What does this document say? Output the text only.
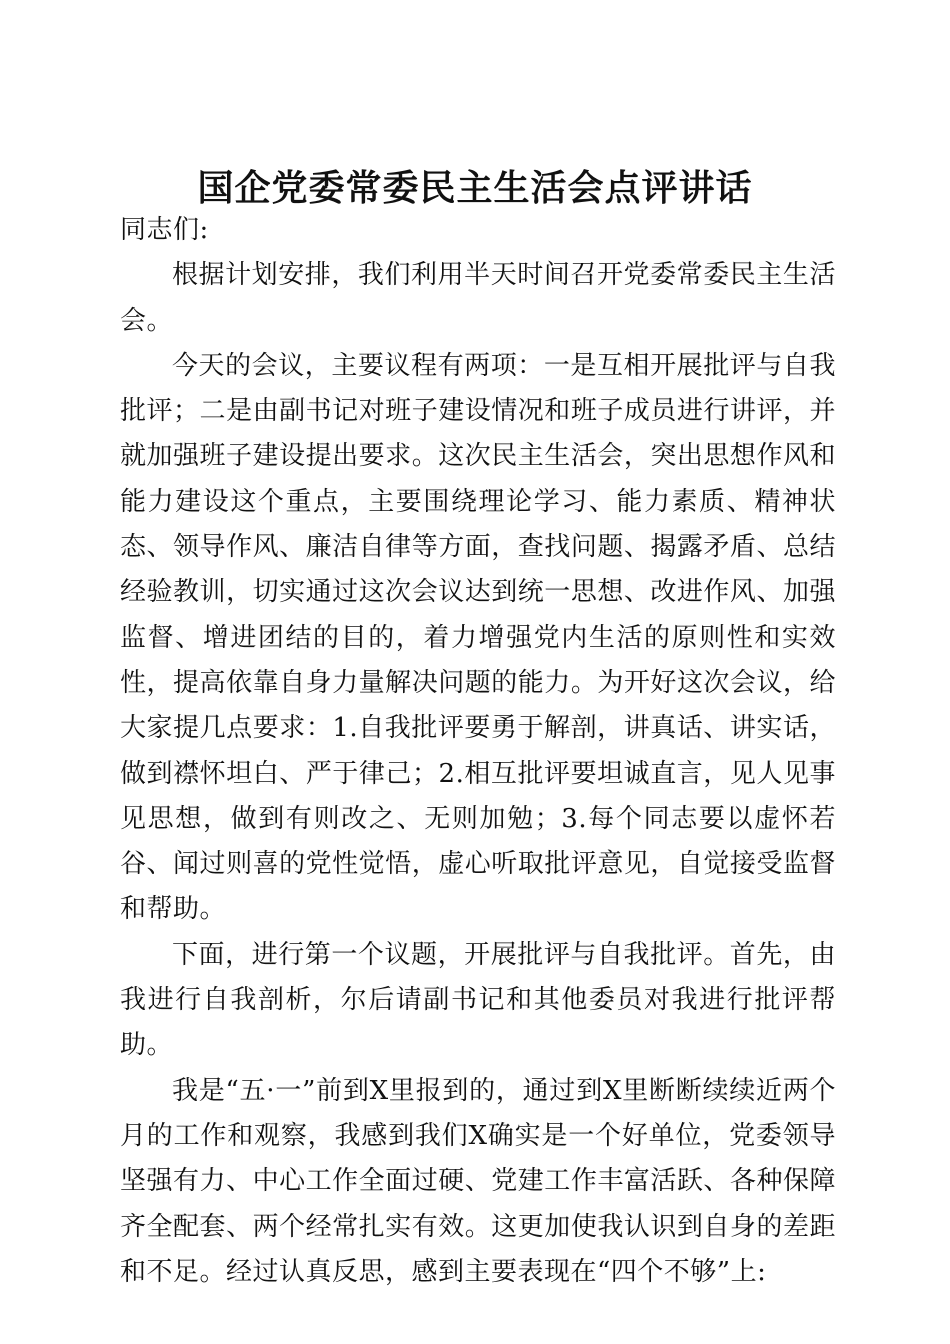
国企党委常委民主生活会点评讲话

同志们:

根据计划安排，我们利用半天时间召开党委常委民主生活会。

今天的会议，主要议程有两项：一是互相开展批评与自我批评；二是由副书记对班子建设情况和班子成员进行讲评，并就加强班子建设提出要求。这次民主生活会，突出思想作风和能力建设这个重点，主要围绕理论学习、能力素质、精神状态、领导作风、廉洁自律等方面，查找问题、揭露矛盾、总结经验教训，切实通过这次会议达到统一思想、改进作风、加强监督、增进团结的目的，着力增强党内生活的原则性和实效性，提高依靠自身力量解决问题的能力。为开好这次会议，给大家提几点要求：1.自我批评要勇于解剖，讲真话、讲实话，做到襟怀坦白、严于律己；2.相互批评要坦诚直言，见人见事见思想，做到有则改之、无则加勉；3.每个同志要以虚怀若谷、闻过则喜的党性觉悟，虚心听取批评意见，自觉接受监督和帮助。

下面，进行第一个议题，开展批评与自我批评。首先，由我进行自我剖析，尔后请副书记和其他委员对我进行批评帮助。

我是“五·一”前到X里报到的，通过到X里断断续续近两个月的工作和观察，我感到我们X确实是一个好单位，党委领导坚强有力、中心工作全面过硬、党建工作丰富活跃、各种保障齐全配套、两个经常扎实有效。这更加使我认识到自身的差距和不足。经过认真反思，感到主要表现在“四个不够”上:
